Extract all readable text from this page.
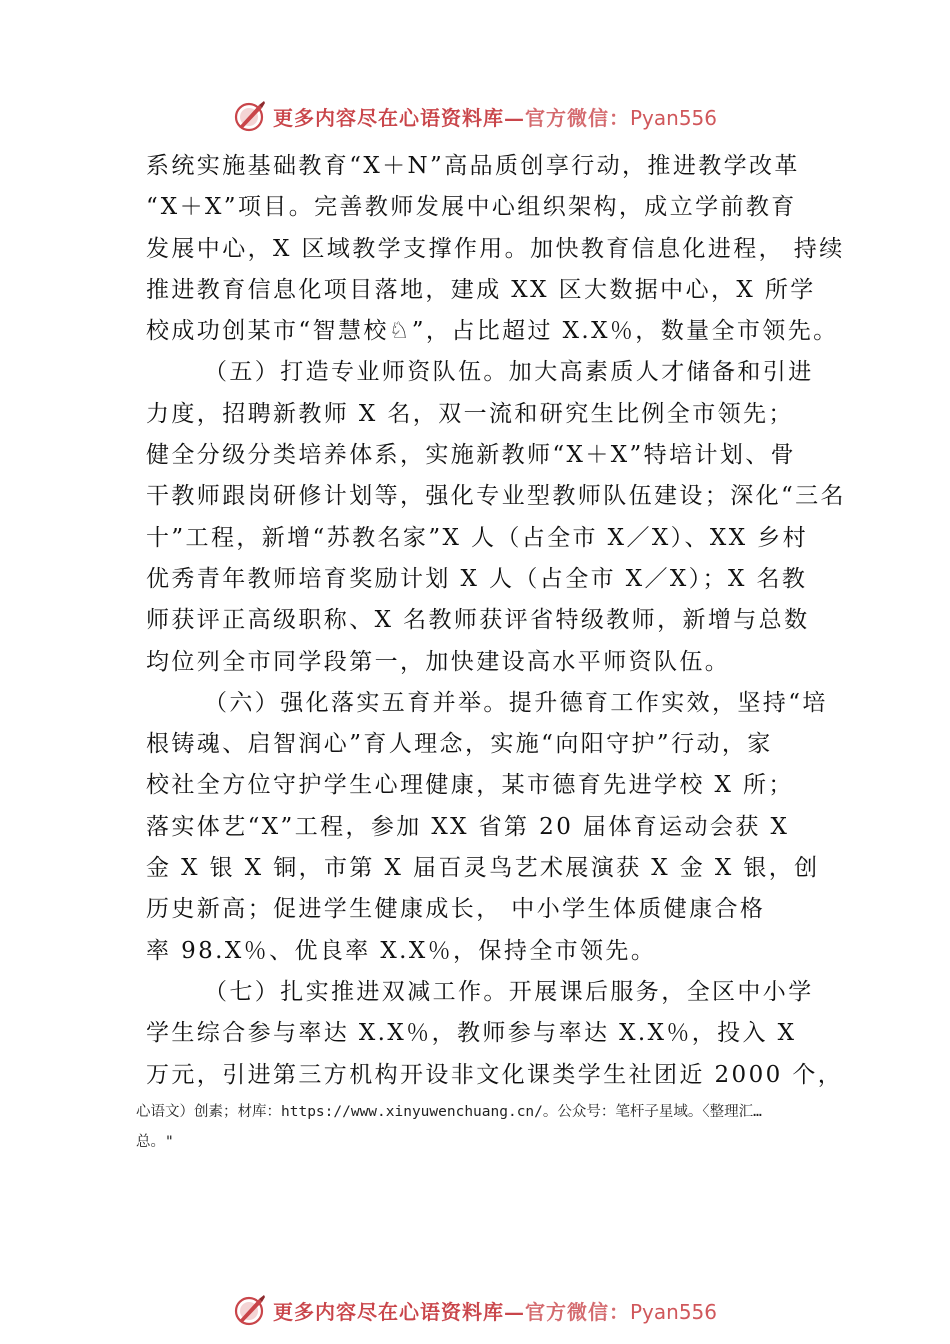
更多内容尽在心语资料库—官方微信：Pyan556
系统实施基础教育“X＋N”高品质创享行动，推进教学改革
“X＋X”项目。完善教师发展中心组织架构，成立学前教育
发展中心，X 区域教学支撑作用。加快教育信息化进程， 持续
推进教育信息化项目落地，建成 XX 区大数据中心，X 所学
校成功创某市“智慧校♘”，占比超过 X.X％，数量全市领先。
（五）打造专业师资队伍。加大高素质人才储备和引进
力度，招聘新教师 X 名，双一流和研究生比例全市领先；
健全分级分类培养体系，实施新教师“X＋X”特培计划、骨
干教师跟岗研修计划等，强化专业型教师队伍建设；深化“三名
十”工程，新增“苏教名家”X 人（占全市 X／X）、XX 乡村
优秀青年教师培育奖励计划 X 人（占全市 X／X）；X 名教
师获评正高级职称、X 名教师获评省特级教师，新增与总数
均位列全市同学段第一，加快建设高水平师资队伍。
（六）强化落实五育并举。提升德育工作实效，坚持“培
根铸魂、启智润心”育人理念，实施“向阳守护”行动，家
校社全方位守护学生心理健康，某市德育先进学校 X 所；
落实体艺“X”工程，参加 XX 省第 20 届体育运动会获 X
金 X 银 X 铜，市第 X 届百灵鸟艺术展演获 X 金 X 银，创
历史新高；促进学生健康成长， 中小学生体质健康合格
率 98.X％、优良率 X.X％，保持全市领先。
（七）扎实推进双减工作。开展课后服务，全区中小学
学生综合参与率达 X.X％，教师参与率达 X.X％，投入 X
万元，引进第三方机构开设非文化课类学生社团近 2000 个，
心语文）创素；材库：https://www.xinyuwenchuang.cn/。公众号：笔杆子星域。〈整理汇…
总。"
更多内容尽在心语资料库—官方微信：Pyan556
